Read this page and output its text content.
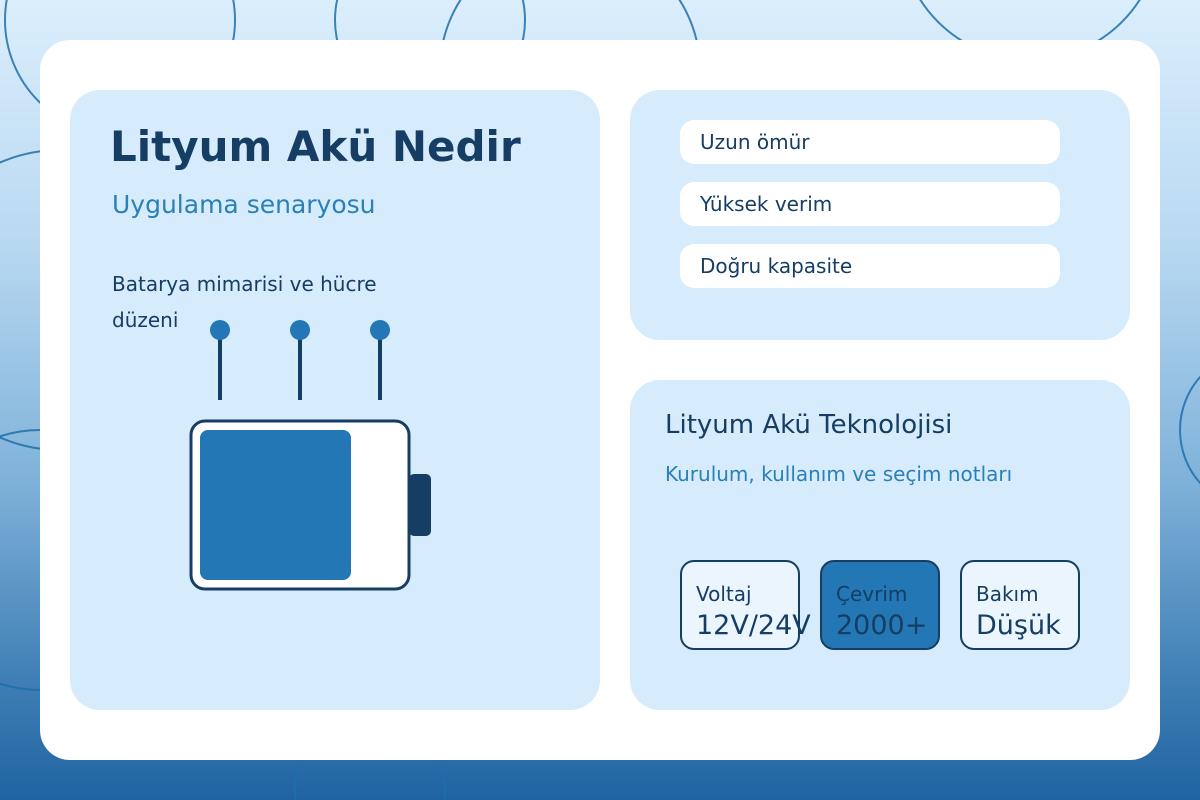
Lityum Akü Nedir
Uygulama senaryosu
Batarya mimarisi ve hücre düzeni
Uzun ömür
Yüksek verim
Doğru kapasite
Lityum Akü Teknolojisi
Kurulum, kullanım ve seçim notları
Voltaj
12V/24V
Çevrim
2000+
Bakım
Düşük
